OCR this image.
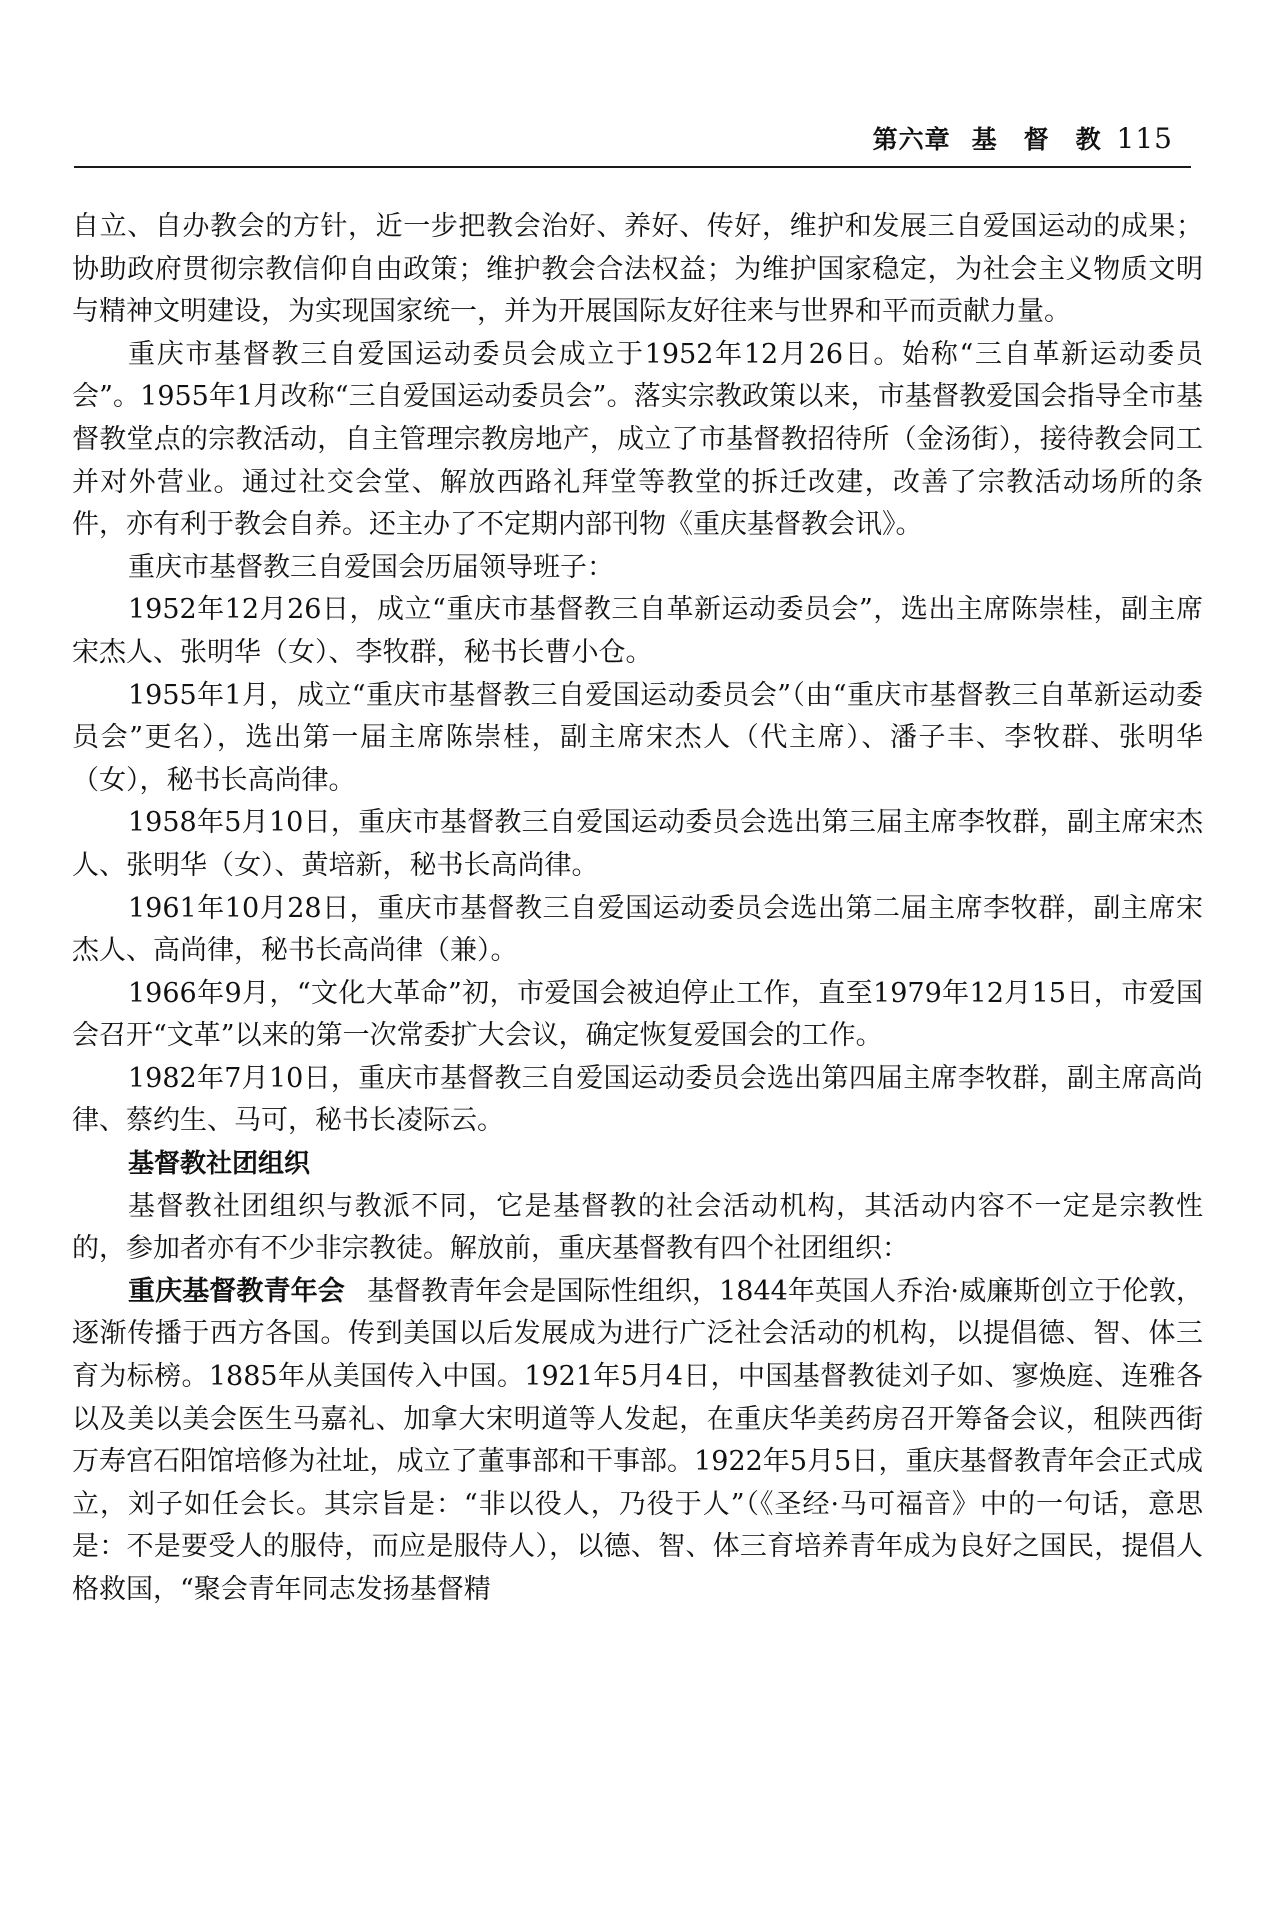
第六章 基　督　教 115

自立、自办教会的方针，近一步把教会治好、养好、传好，维护和发展三自爱国运动的成果；协助政府贯彻宗教信仰自由政策；维护教会合法权益；为维护国家稳定，为社会主义物质文明与精神文明建设，为实现国家统一，并为开展国际友好往来与世界和平而贡献力量。

重庆市基督教三自爱国运动委员会成立于1952年12月26日。始称“三自革新运动委员会”。1955年1月改称“三自爱国运动委员会”。落实宗教政策以来，市基督教爱国会指导全市基督教堂点的宗教活动，自主管理宗教房地产，成立了市基督教招待所（金汤街），接待教会同工并对外营业。通过社交会堂、解放西路礼拜堂等教堂的拆迁改建，改善了宗教活动场所的条件，亦有利于教会自养。还主办了不定期内部刊物《重庆基督教会讯》。

重庆市基督教三自爱国会历届领导班子：

1952年12月26日，成立“重庆市基督教三自革新运动委员会”，选出主席陈崇桂，副主席宋杰人、张明华（女）、李牧群，秘书长曹小仓。

1955年1月，成立“重庆市基督教三自爱国运动委员会”（由“重庆市基督教三自革新运动委员会”更名），选出第一届主席陈崇桂，副主席宋杰人（代主席）、潘子丰、李牧群、张明华（女），秘书长高尚律。

1958年5月10日，重庆市基督教三自爱国运动委员会选出第三届主席李牧群，副主席宋杰人、张明华（女）、黄培新，秘书长高尚律。

1961年10月28日，重庆市基督教三自爱国运动委员会选出第二届主席李牧群，副主席宋杰人、高尚律，秘书长高尚律（兼）。

1966年9月，“文化大革命”初，市爱国会被迫停止工作，直至1979年12月15日，市爱国会召开“文革”以来的第一次常委扩大会议，确定恢复爱国会的工作。

1982年7月10日，重庆市基督教三自爱国运动委员会选出第四届主席李牧群，副主席高尚律、蔡约生、马可，秘书长凌际云。

基督教社团组织

基督教社团组织与教派不同，它是基督教的社会活动机构，其活动内容不一定是宗教性的，参加者亦有不少非宗教徒。解放前，重庆基督教有四个社团组织：

重庆基督教青年会 基督教青年会是国际性组织，1844年英国人乔治·威廉斯创立于伦敦，逐渐传播于西方各国。传到美国以后发展成为进行广泛社会活动的机构，以提倡德、智、体三育为标榜。1885年从美国传入中国。1921年5月4日，中国基督教徒刘子如、寥焕庭、连雅各以及美以美会医生马嘉礼、加拿大宋明道等人发起，在重庆华美药房召开筹备会议，租陕西街万寿宫石阳馆培修为社址，成立了董事部和干事部。1922年5月5日，重庆基督教青年会正式成立，刘子如任会长。其宗旨是：“非以役人，乃役于人”（《圣经·马可福音》中的一句话，意思是：不是要受人的服侍，而应是服侍人），以德、智、体三育培养青年成为良好之国民，提倡人格救国，“聚会青年同志发扬基督精
